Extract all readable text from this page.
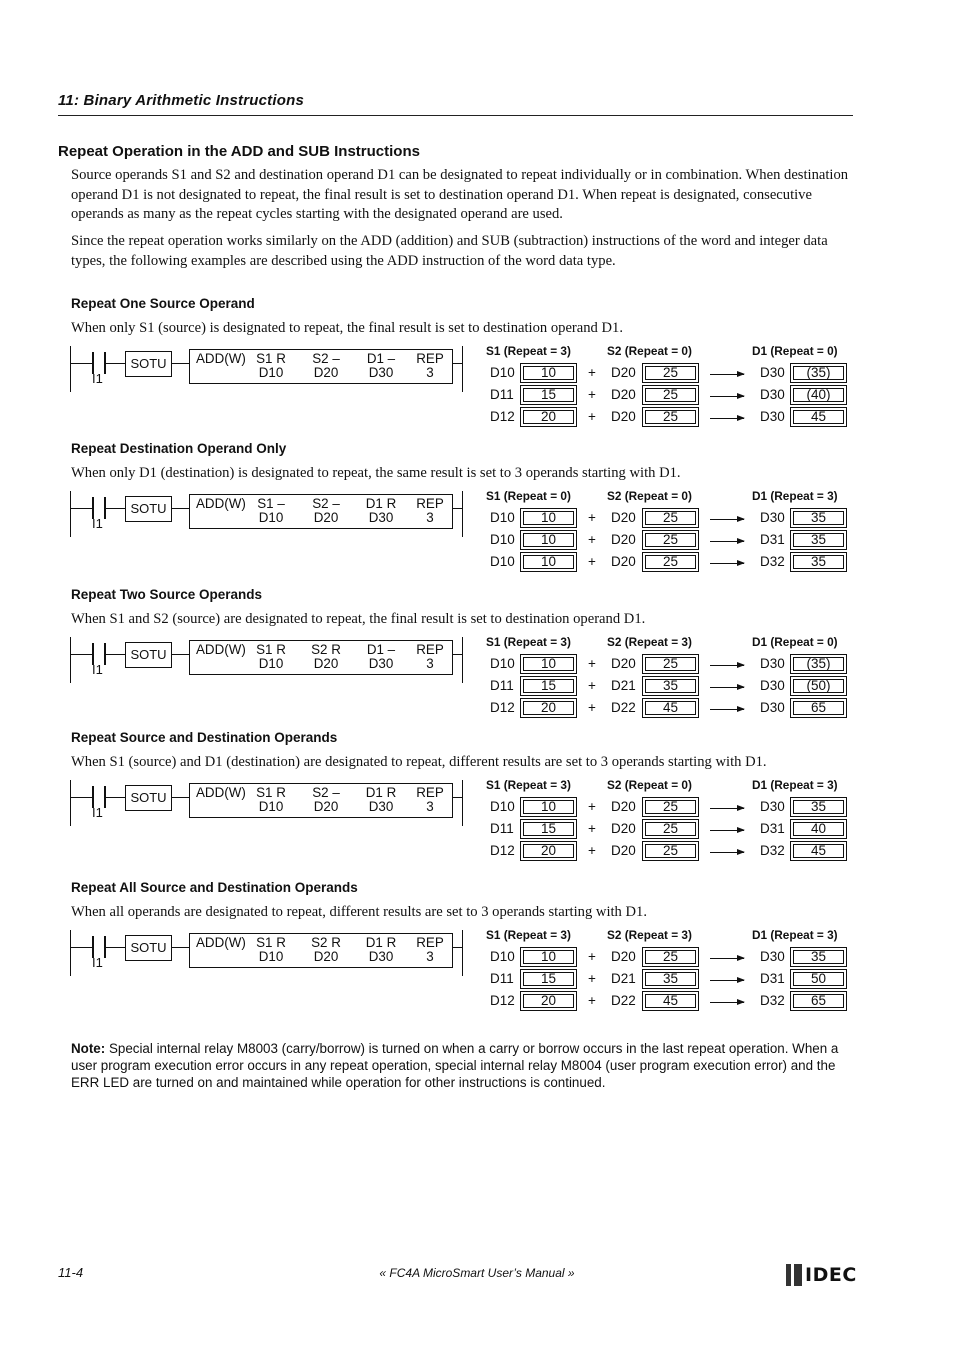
11: Binary Arithmetic Instructions
Repeat Operation in the ADD and SUB Instructions
Source operands S1 and S2 and destination operand D1 can be designated to repeat individually or in combination. When destination operand D1 is not designated to repeat, the final result is set to destination operand D1. When repeat is designated, consecutive operands as many as the repeat cycles starting with the designated operand are used.
Since the repeat operation works similarly on the ADD (addition) and SUB (subtraction) instructions of the word and integer data types, the following examples are described using the ADD instruction of the word data type.
Repeat One Source Operand
When only S1 (source) is designated to repeat, the final result is set to destination operand D1.
I1
SOTU	ADD(W) S1 R
D10
S2 –
D20
D1 –
D30
REP
3
S1 (Repeat = 3)	S2 (Repeat = 0)	D1 (Repeat = 0)
D10	10	+ D20	25	D30	(35)
D11	15	+ D20	25	D30	(40)
D12	20	+ D20	25	D30	45
Repeat Destination Operand Only
When only D1 (destination) is designated to repeat, the same result is set to 3 operands starting with D1.
I1
SOTU	ADD(W) S1 –
D10
S2 –
D20
D1 R
D30
REP
3
S1 (Repeat = 0)	S2 (Repeat = 0)	D1 (Repeat = 3)
D10	10	+ D20	25	D30	35
D10	10	+ D20	25	D31	35
D10	10	+ D20	25	D32	35
Repeat Two Source Operands
When S1 and S2 (source) are designated to repeat, the final result is set to destination operand D1.
I1
SOTU	ADD(W) S1 R
D10
S2 R
D20
D1 –
D30
REP
3
S1 (Repeat = 3)	S2 (Repeat = 3)	D1 (Repeat = 0)
D10	10	+ D20	25	D30	(35)
D11	15	+ D21	35	D30	(50)
D12	20	+ D22	45	D30	65
Repeat Source and Destination Operands
When S1 (source) and D1 (destination) are designated to repeat, different results are set to 3 operands starting with D1.
I1
SOTU	ADD(W) S1 R
D10
S2 –
D20
D1 R
D30
REP
3
S1 (Repeat = 3)	S2 (Repeat = 0)	D1 (Repeat = 3)
D10	10	+ D20	25	D30	35
D11	15	+ D20	25	D31	40
D12	20	+ D20	25	D32	45
Repeat All Source and Destination Operands
When all operands are designated to repeat, different results are set to 3 operands starting with D1.
I1
SOTU	ADD(W) S1 R
D10
S2 R
D20
D1 R
D30
REP
3
S1 (Repeat = 3)	S2 (Repeat = 3)	D1 (Repeat = 3)
D10	10	+ D20	25	D30	35
D11	15	+ D21	35	D31	50
D12	20	+ D22	45	D32	65
Note: Special internal relay M8003 (carry/borrow) is turned on when a carry or borrow occurs in the last repeat operation. When a user program execution error occurs in any repeat operation, special internal relay M8004 (user program execution error) and the ERR LED are turned on and maintained while operation for other instructions is continued.
11-4	« FC4A MicroSmart User’s Manual »	IDEC
